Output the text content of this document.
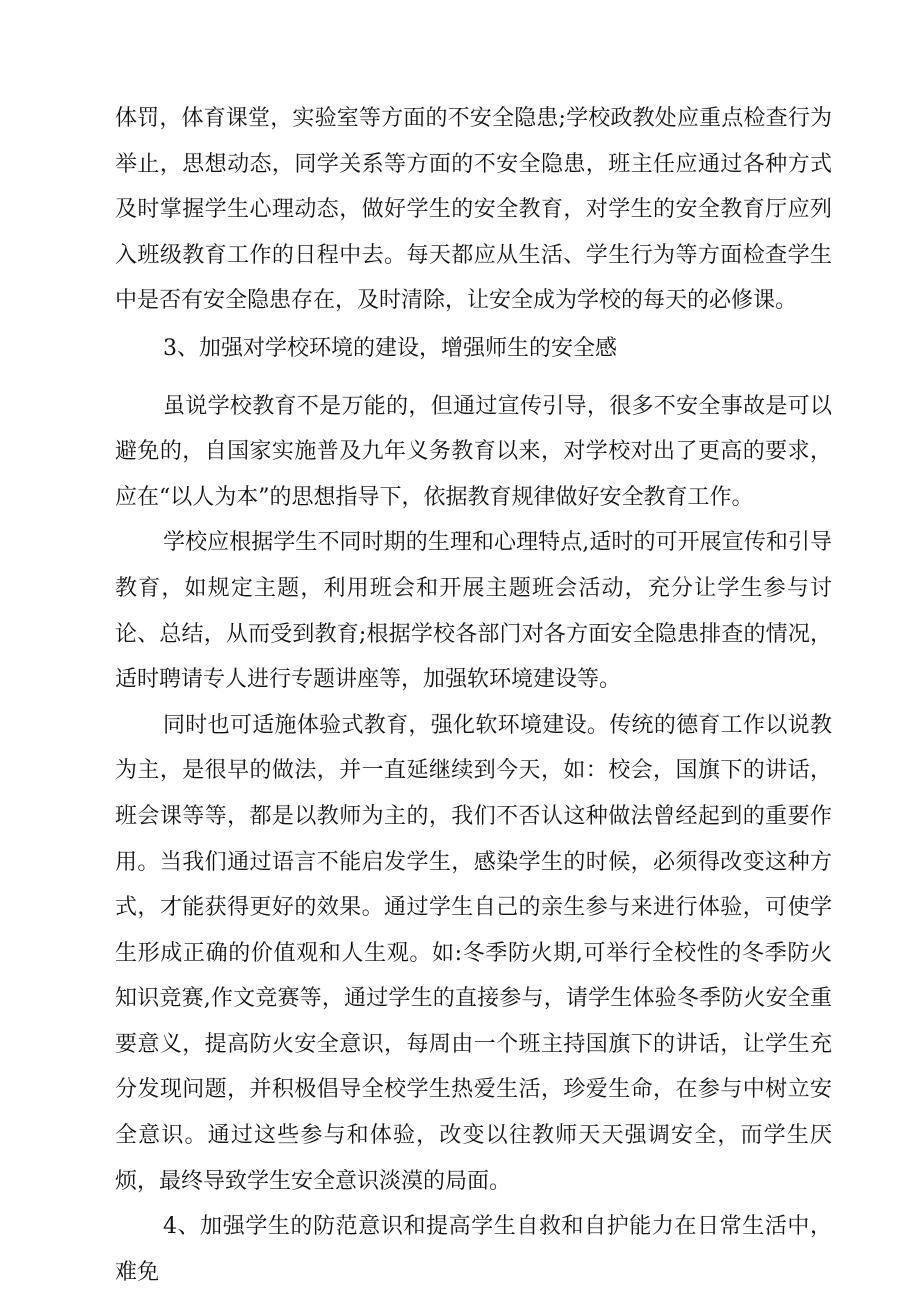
体罚，体育课堂，实验室等方面的不安全隐患;学校政教处应重点检查行为举止，思想动态，同学关系等方面的不安全隐患，班主任应通过各种方式及时掌握学生心理动态，做好学生的安全教育，对学生的安全教育厅应列入班级教育工作的日程中去。每天都应从生活、学生行为等方面检查学生中是否有安全隐患存在，及时清除，让安全成为学校的每天的必修课。

3、加强对学校环境的建设，增强师生的安全感

虽说学校教育不是万能的，但通过宣传引导，很多不安全事故是可以避免的，自国家实施普及九年义务教育以来，对学校对出了更高的要求，应在“以人为本”的思想指导下，依据教育规律做好安全教育工作。

学校应根据学生不同时期的生理和心理特点,适时的可开展宣传和引导教育，如规定主题，利用班会和开展主题班会活动，充分让学生参与讨论、总结，从而受到教育;根据学校各部门对各方面安全隐患排查的情况，适时聘请专人进行专题讲座等，加强软环境建设等。

同时也可适施体验式教育，强化软环境建设。传统的德育工作以说教为主，是很早的做法，并一直延继续到今天，如：校会，国旗下的讲话，班会课等等，都是以教师为主的，我们不否认这种做法曾经起到的重要作用。当我们通过语言不能启发学生，感染学生的时候，必须得改变这种方式，才能获得更好的效果。通过学生自己的亲生参与来进行体验，可使学生形成正确的价值观和人生观。如:冬季防火期,可举行全校性的冬季防火知识竞赛,作文竞赛等，通过学生的直接参与，请学生体验冬季防火安全重要意义，提高防火安全意识，每周由一个班主持国旗下的讲话，让学生充分发现问题，并积极倡导全校学生热爱生活，珍爱生命，在参与中树立安全意识。通过这些参与和体验，改变以往教师天天强调安全，而学生厌烦，最终导致学生安全意识淡漠的局面。

4、加强学生的防范意识和提高学生自救和自护能力在日常生活中，难免
